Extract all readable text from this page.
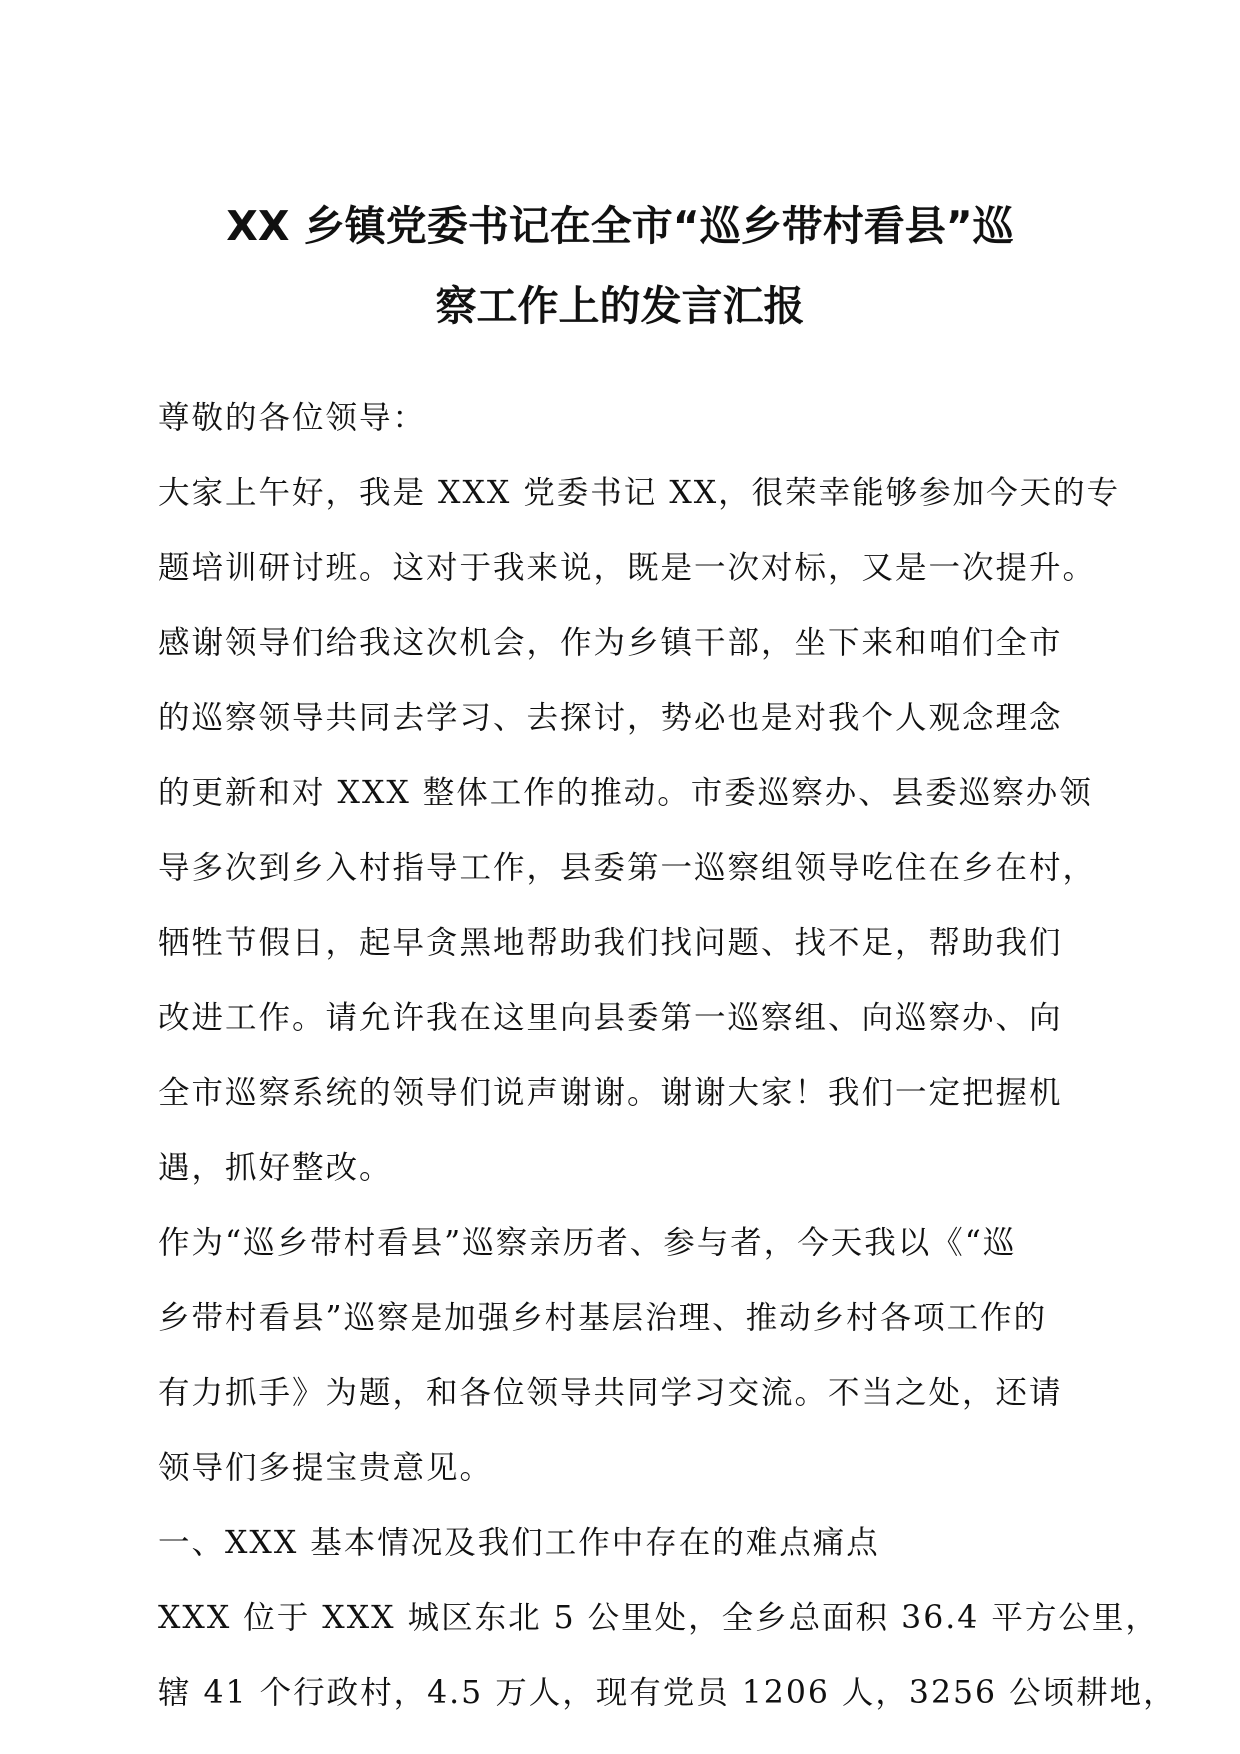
XX 乡镇党委书记在全市“巡乡带村看县”巡
察工作上的发言汇报
尊敬的各位领导：
大家上午好，我是 XXX 党委书记 XX，很荣幸能够参加今天的专
题培训研讨班。这对于我来说，既是一次对标，又是一次提升。
感谢领导们给我这次机会，作为乡镇干部，坐下来和咱们全市
的巡察领导共同去学习、去探讨，势必也是对我个人观念理念
的更新和对 XXX 整体工作的推动。市委巡察办、县委巡察办领
导多次到乡入村指导工作，县委第一巡察组领导吃住在乡在村，
牺牲节假日，起早贪黑地帮助我们找问题、找不足，帮助我们
改进工作。请允许我在这里向县委第一巡察组、向巡察办、向
全市巡察系统的领导们说声谢谢。谢谢大家！我们一定把握机
遇，抓好整改。
作为“巡乡带村看县”巡察亲历者、参与者，今天我以《“巡
乡带村看县”巡察是加强乡村基层治理、推动乡村各项工作的
有力抓手》为题，和各位领导共同学习交流。不当之处，还请
领导们多提宝贵意见。
一、XXX 基本情况及我们工作中存在的难点痛点
XXX 位于 XXX 城区东北 5 公里处，全乡总面积 36.4 平方公里，
辖 41 个行政村，4.5 万人，现有党员 1206 人，3256 公顷耕地，
